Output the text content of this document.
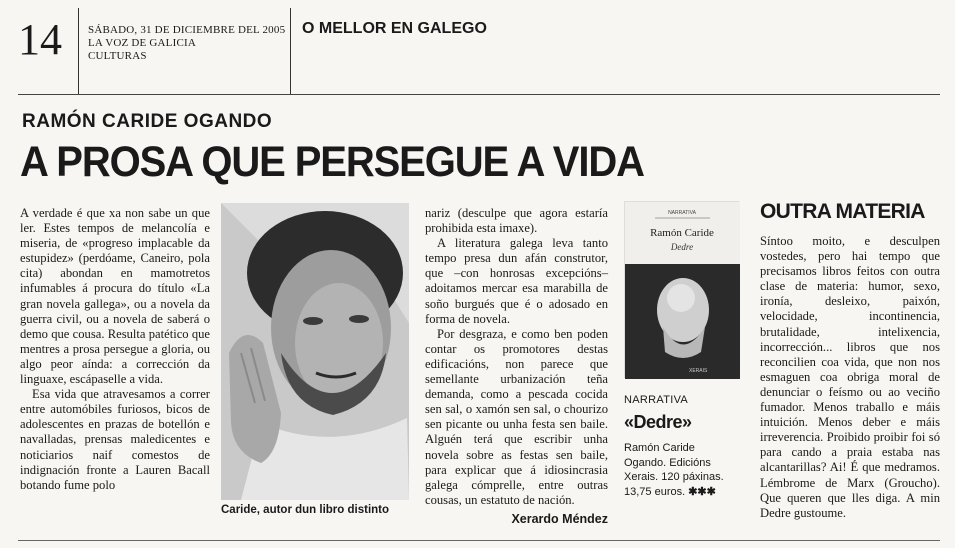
14 SÁBADO, 31 DE DICIEMBRE DEL 2005
LA VOZ DE GALICIA
CULTURAS
O MELLOR EN GALEGO
RAMÓN CARIDE OGANDO
A PROSA QUE PERSEGUE A VIDA

A verdade é que xa non sabe un que ler. Estes tempos de melancolía e miseria, de «progreso implacable da estupidez» (perdóame, Caneiro, pola cita) abondan en mamotretos infumables á procura do título «La gran novela gallega», ou a novela da guerra civil, ou a novela de saberá o demo que cousa. Resulta patético que mentres a prosa persegue a gloria, ou algo peor aínda: a corrección da linguaxe, escápaselle a vida.

Esa vida que atravesamos a correr entre automóbiles furiosos, bicos de adolescentes en prazas de botellón e navalladas, prensas maledicentes e noticiarios naif comestos de indignación fronte a Lauren Bacall botando fume polo

Caride, autor dun libro distinto

nariz (desculpe que agora estaría prohibida esta imaxe).

A literatura galega leva tanto tempo presa dun afán construtor, que –con honrosas excepcións– adoitamos mercar esa marabilla de soño burgués que é o adosado en forma de novela.

Por desgraza, e como ben poden contar os promotores destas edificacións, non parece que semellante urbanización teña demanda, como a pescada cocida sen sal, o xamón sen sal, o chourizo sen picante ou unha festa sen baile. Alguén terá que escribir unha novela sobre as festas sen baile, para explicar que á idiosincrasia galega cómprelle, entre outras cousas, un estatuto de nación.

Xerardo Méndez

NARRATIVA
Ramón Caride
Dedre
XERAIS
NARRATIVA
«Dedre»
Ramón Caride
Ogando. Edicións
Xerais. 120 páxinas.
13,75 euros. ✱✱✱
OUTRA MATERIA

Síntoo moito, e desculpen vostedes, pero hai tempo que precisamos libros feitos con outra clase de materia: humor, sexo, ironía, desleixo, paixón, velocidade, incontinencia, brutalidade, intelixencia, incorrección... libros que nos reconcilien coa vida, que non nos esmaguen coa obriga moral de denunciar o feísmo ou ao veciño fumador. Menos traballo e máis intuición. Menos deber e máis irreverencia. Proibido proibir foi só para cando a praia estaba nas alcantarillas? Ai! É que medramos. Lémbrome de Marx (Groucho). Que queren que lles diga. A min Dedre gustoume.
